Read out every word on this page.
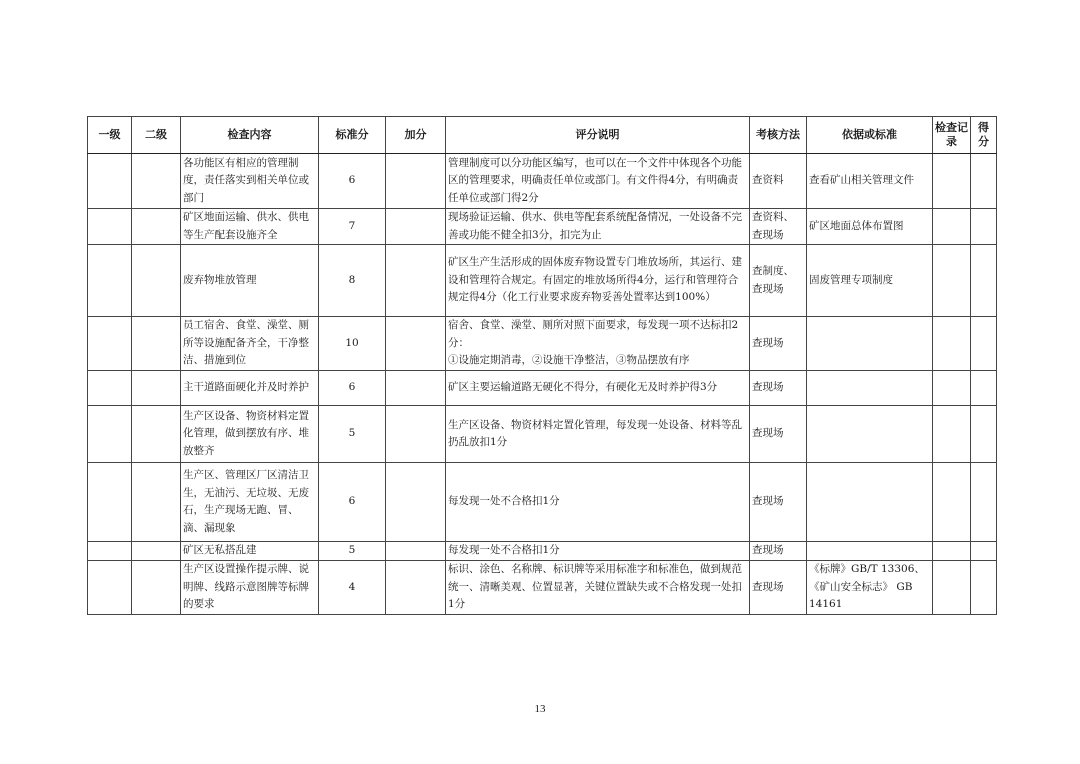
一级	二级	检查内容	标准分	加分	评分说明	考核方法	依据或标准	检查记录	得分
		各功能区有相应的管理制度，责任落实到相关单位或部门	6		管理制度可以分功能区编写，也可以在一个文件中体现各个功能区的管理要求，明确责任单位或部门。有文件得4分，有明确责任单位或部门得2分	查资料	查看矿山相关管理文件		
		矿区地面运输、供水、供电等生产配套设施齐全	7		现场验证运输、供水、供电等配套系统配备情况，一处设备不完善或功能不健全扣3分，扣完为止	查资料、查现场	矿区地面总体布置图		
		废弃物堆放管理	8		矿区生产生活形成的固体废弃物设置专门堆放场所，其运行、建设和管理符合规定。有固定的堆放场所得4分，运行和管理符合规定得4分（化工行业要求废弃物妥善处置率达到100%）	查制度、查现场	固废管理专项制度		
		员工宿舍、食堂、澡堂、厕所等设施配备齐全，干净整洁、措施到位	10		宿舍、食堂、澡堂、厕所对照下面要求，每发现一项不达标扣2分：
①设施定期消毒，②设施干净整洁，③物品摆放有序	查现场			
		主干道路面硬化并及时养护	6		矿区主要运输道路无硬化不得分，有硬化无及时养护得3分	查现场			
		生产区设备、物资材料定置化管理，做到摆放有序、堆放整齐	5		生产区设备、物资材料定置化管理，每发现一处设备、材料等乱扔乱放扣1分	查现场			
		生产区、管理区厂区清洁卫生，无油污、无垃圾、无废石，生产现场无跑、冒、滴、漏现象	6		每发现一处不合格扣1分	查现场			
		矿区无私搭乱建	5		每发现一处不合格扣1分	查现场			
		生产区设置操作提示牌、说明牌、线路示意图牌等标牌的要求	4		标识、涂色、名称牌、标识牌等采用标准字和标准色，做到规范统一、清晰美观、位置显著，关键位置缺失或不合格发现一处扣1分	查现场	《标牌》GB/T 13306、《矿山安全标志》 GB 14161		
13
